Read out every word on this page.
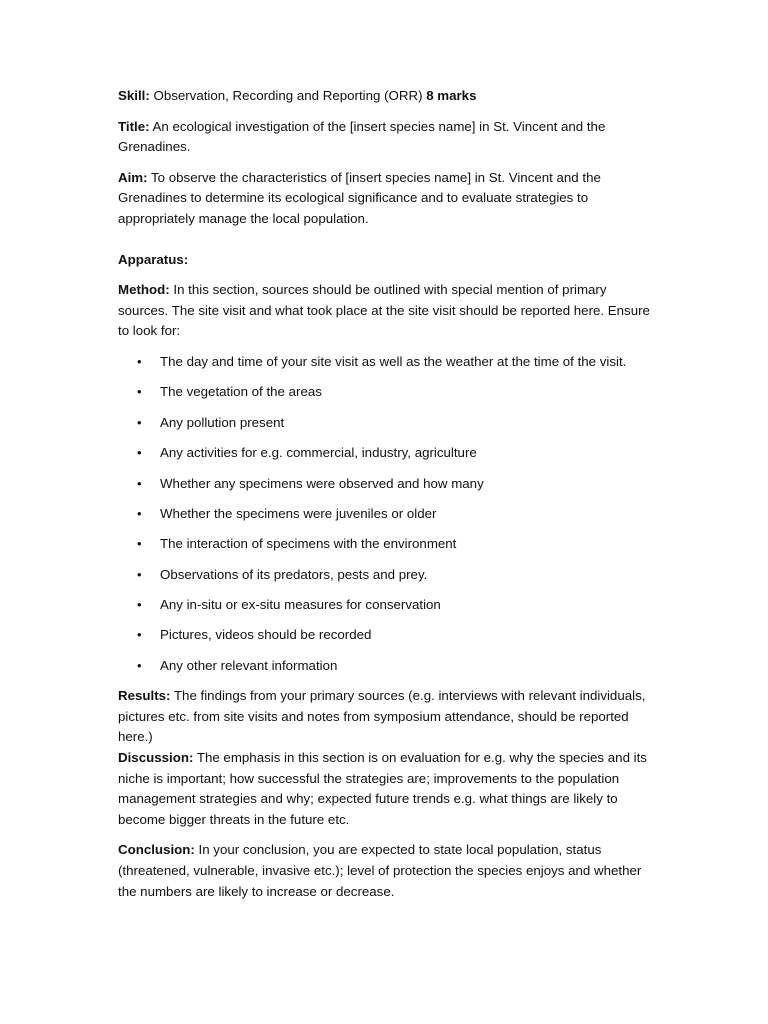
Skill: Observation, Recording and Reporting (ORR) 8 marks

Title: An ecological investigation of the [insert species name] in St. Vincent and the Grenadines.

Aim: To observe the characteristics of [insert species name] in St. Vincent and the Grenadines to determine its ecological significance and to evaluate strategies to appropriately manage the local population.

Apparatus:

Method: In this section, sources should be outlined with special mention of primary sources. The site visit and what took place at the site visit should be reported here. Ensure to look for:

• The day and time of your site visit as well as the weather at the time of the visit.
• The vegetation of the areas
• Any pollution present
• Any activities for e.g. commercial, industry, agriculture
• Whether any specimens were observed and how many
• Whether the specimens were juveniles or older
• The interaction of specimens with the environment
• Observations of its predators, pests and prey.
• Any in-situ or ex-situ measures for conservation
• Pictures, videos should be recorded
• Any other relevant information

Results: The findings from your primary sources (e.g. interviews with relevant individuals, pictures etc. from site visits and notes from symposium attendance, should be reported here.)

Discussion: The emphasis in this section is on evaluation for e.g. why the species and its niche is important; how successful the strategies are; improvements to the population management strategies and why; expected future trends e.g. what things are likely to become bigger threats in the future etc.

Conclusion: In your conclusion, you are expected to state local population, status (threatened, vulnerable, invasive etc.); level of protection the species enjoys and whether the numbers are likely to increase or decrease.
